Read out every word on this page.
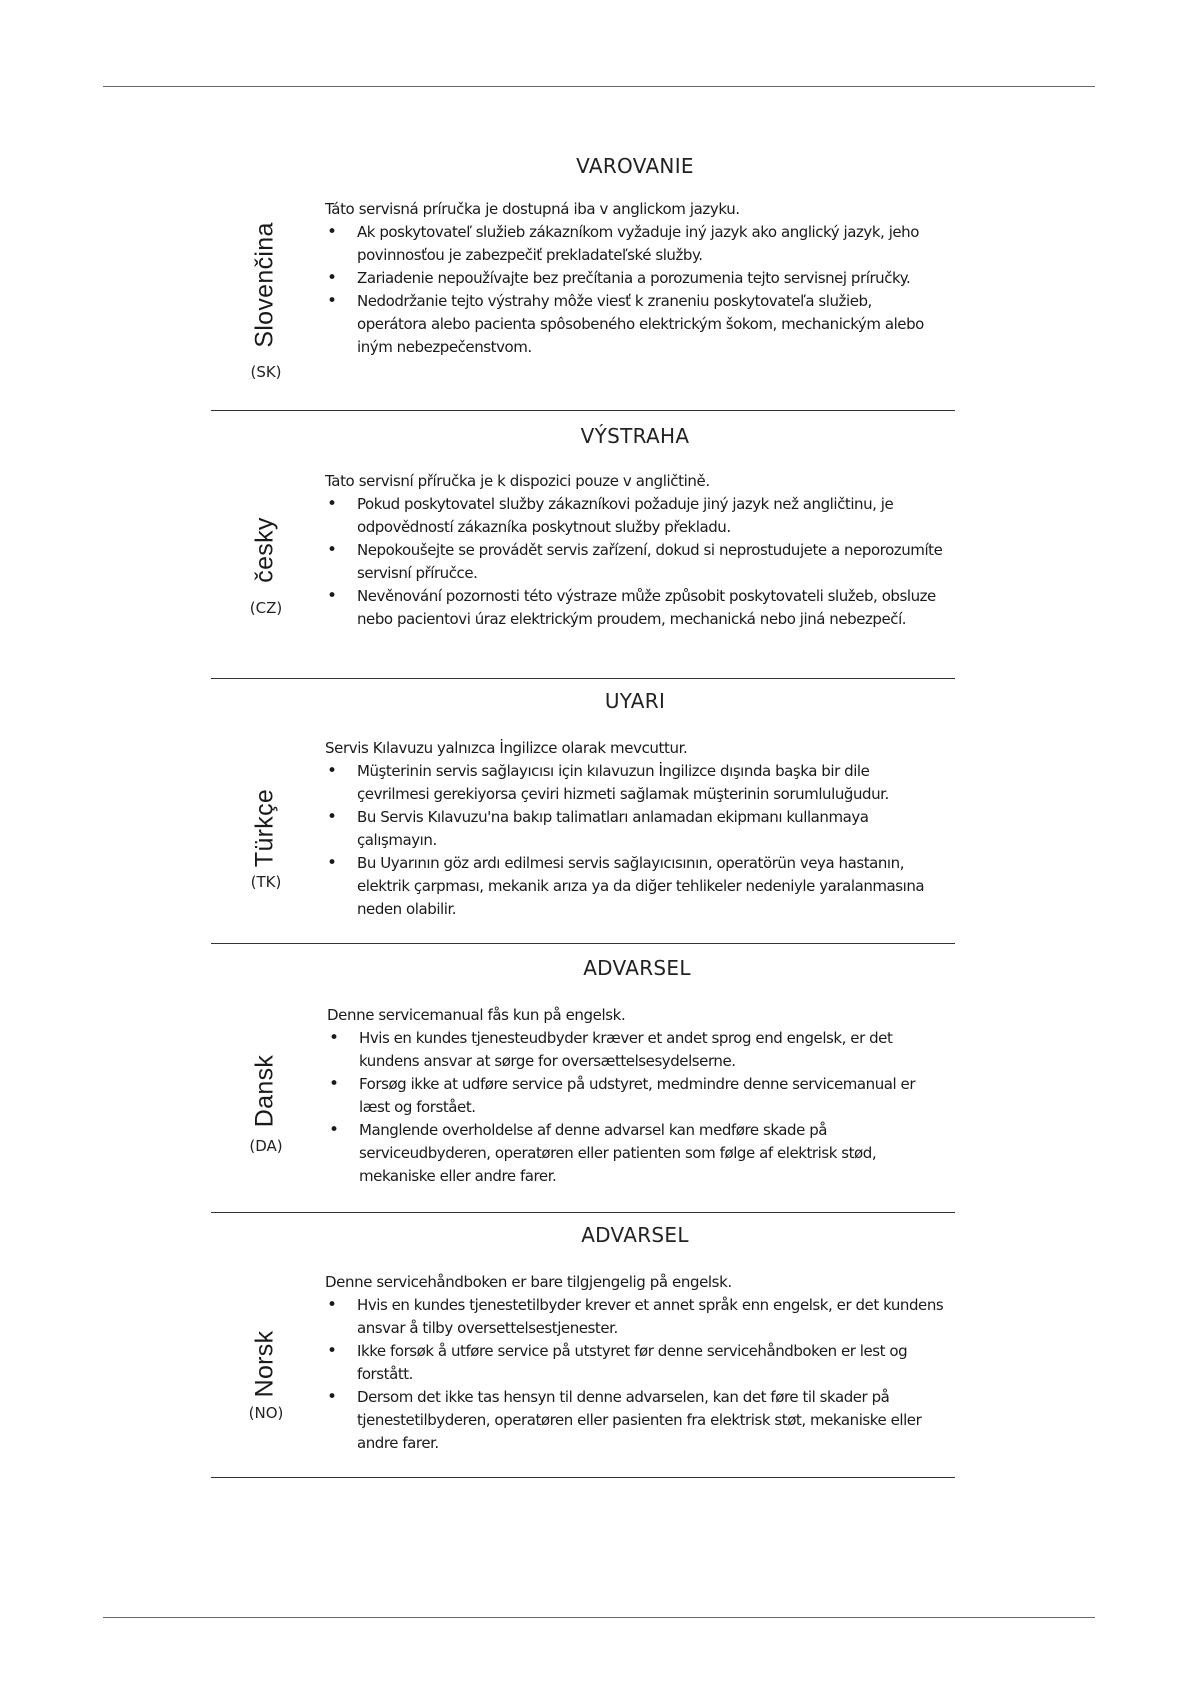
Slovenčina
(SK)
VAROVANIE

Táto servisná príručka je dostupná iba v anglickom jazyku.

• Ak poskytovateľ služieb zákazníkom vyžaduje iný jazyk ako anglický jazyk, jeho povinnosťou je zabezpečiť prekladateľské služby.
• Zariadenie nepoužívajte bez prečítania a porozumenia tejto servisnej príručky.
• Nedodržanie tejto výstrahy môže viesť k zraneniu poskytovateľa služieb, operátora alebo pacienta spôsobeného elektrickým šokom, mechanickým alebo iným nebezpečenstvom.
česky
(CZ)
VÝSTRAHA

Tato servisní příručka je k dispozici pouze v angličtině.

• Pokud poskytovatel služby zákazníkovi požaduje jiný jazyk než angličtinu, je odpovědností zákazníka poskytnout služby překladu.
• Nepokoušejte se provádět servis zařízení, dokud si neprostudujete a neporozumíte servisní příručce.
• Nevěnování pozornosti této výstraze může způsobit poskytovateli služeb, obsluze nebo pacientovi úraz elektrickým proudem, mechanická nebo jiná nebezpečí.
Türkçe
(TK)
UYARI

Servis Kılavuzu yalnızca İngilizce olarak mevcuttur.

• Müşterinin servis sağlayıcısı için kılavuzun İngilizce dışında başka bir dile çevrilmesi gerekiyorsa çeviri hizmeti sağlamak müşterinin sorumluluğudur.
• Bu Servis Kılavuzu'na bakıp talimatları anlamadan ekipmanı kullanmaya çalışmayın.
• Bu Uyarının göz ardı edilmesi servis sağlayıcısının, operatörün veya hastanın, elektrik çarpması, mekanik arıza ya da diğer tehlikeler nedeniyle yaralanmasına neden olabilir.
Dansk
(DA)
ADVARSEL

Denne servicemanual fås kun på engelsk.

• Hvis en kundes tjenesteudbyder kræver et andet sprog end engelsk, er det kundens ansvar at sørge for oversættelsesydelserne.
• Forsøg ikke at udføre service på udstyret, medmindre denne servicemanual er læst og forstået.
• Manglende overholdelse af denne advarsel kan medføre skade på serviceudbyderen, operatøren eller patienten som følge af elektrisk stød, mekaniske eller andre farer.
Norsk
(NO)
ADVARSEL

Denne servicehåndboken er bare tilgjengelig på engelsk.

• Hvis en kundes tjenestetilbyder krever et annet språk enn engelsk, er det kundens ansvar å tilby oversettelsestjenester.
• Ikke forsøk å utføre service på utstyret før denne servicehåndboken er lest og forstått.
• Dersom det ikke tas hensyn til denne advarselen, kan det føre til skader på tjenestetilbyderen, operatøren eller pasienten fra elektrisk støt, mekaniske eller andre farer.
